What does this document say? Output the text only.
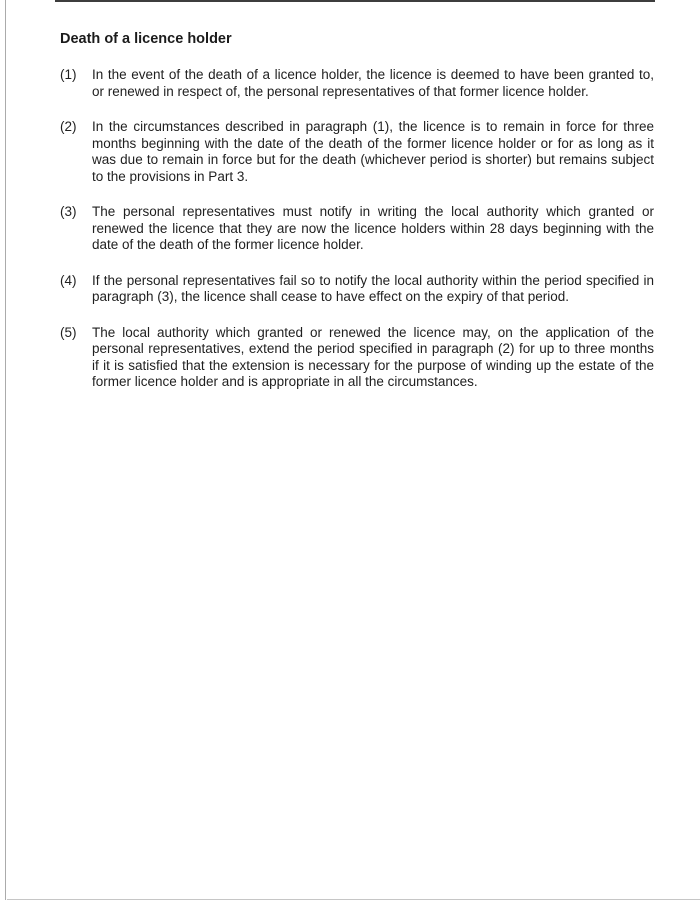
Death of a licence holder
(1)	In the event of the death of a licence holder, the licence is deemed to have been granted to, or renewed in respect of, the personal representatives of that former licence holder.

(2)	In the circumstances described in paragraph (1), the licence is to remain in force for three months beginning with the date of the death of the former licence holder or for as long as it was due to remain in force but for the death (whichever period is shorter) but remains subject to the provisions in Part 3.

(3)	The personal representatives must notify in writing the local authority which granted or renewed the licence that they are now the licence holders within 28 days beginning with the date of the death of the former licence holder.

(4)	If the personal representatives fail so to notify the local authority within the period specified in paragraph (3), the licence shall cease to have effect on the expiry of that period.

(5)	The local authority which granted or renewed the licence may, on the application of the personal representatives, extend the period specified in paragraph (2) for up to three months if it is satisfied that the extension is necessary for the purpose of winding up the estate of the former licence holder and is appropriate in all the circumstances.
